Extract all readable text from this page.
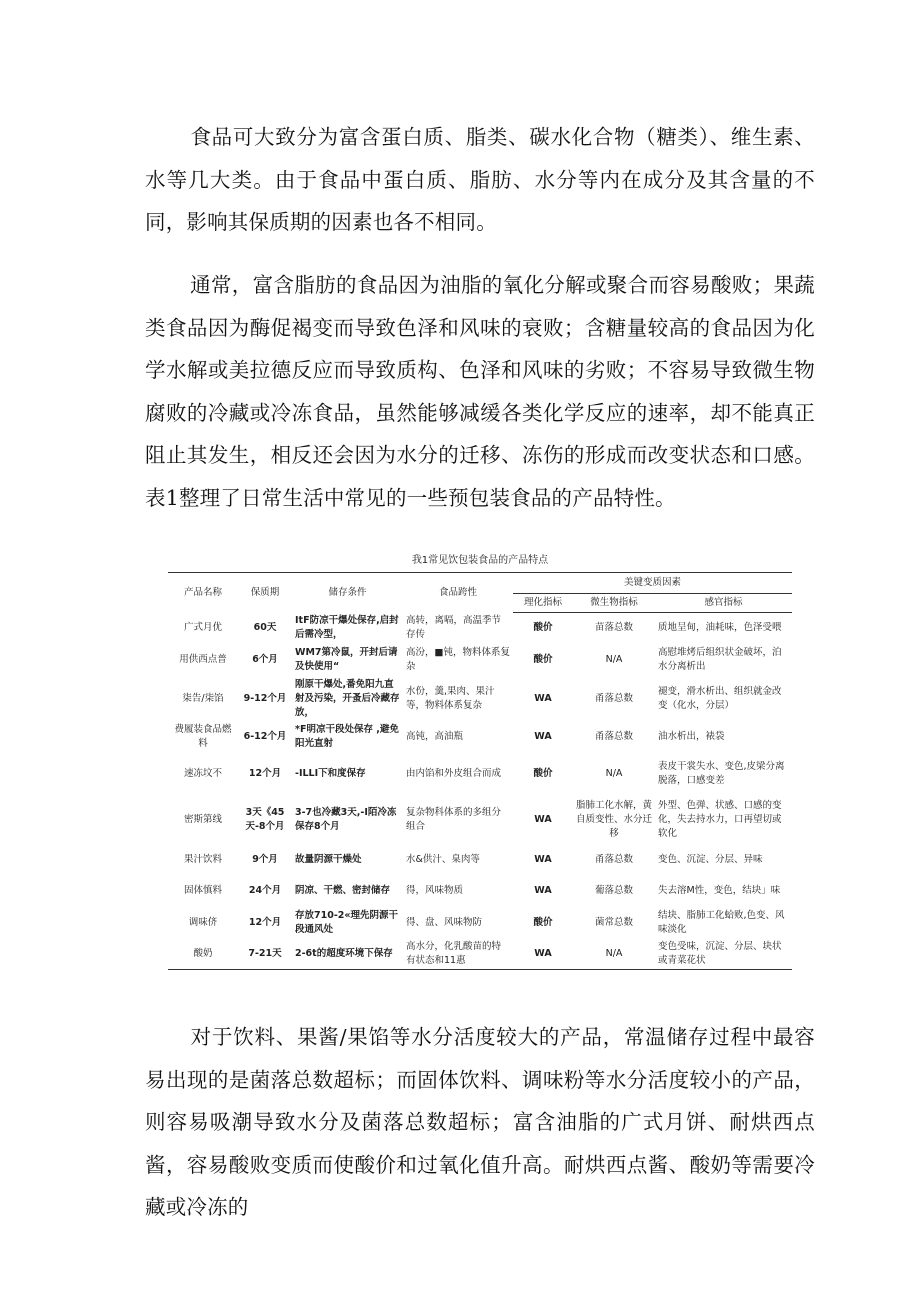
食品可大致分为富含蛋白质、脂类、碳水化合物（糖类）、维生素、水等几大类。由于食品中蛋白质、脂肪、水分等内在成分及其含量的不同，影响其保质期的因素也各不相同。

通常，富含脂肪的食品因为油脂的氧化分解或聚合而容易酸败；果蔬类食品因为酶促褐变而导致色泽和风味的衰败；含糖量较高的食品因为化学水解或美拉德反应而导致质构、色泽和风味的劣败；不容易导致微生物腐败的冷藏或冷冻食品，虽然能够减缓各类化学反应的速率，却不能真正阻止其发生，相反还会因为水分的迁移、冻伤的形成而改变状态和口感。表1整理了日常生活中常见的一些预包装食品的产品特性。

我1常见饮包装食品的产品特点
产品名称	保质期	储存条件	食品跨性	美键变质因素		
				理化指标	微生物指标	感官指标
广式月优	60天	ItF防凉干爆处保存,启封后需冷型，	高转，离嗝，高温季节存传	酸价	苗落总数	质地呈甸，油耗味，色泽受喂
用供西点普	6个月	WM7第冷鼠，开封后请及快使用“	高汾，■钝，物料体系复杂	酸价	N/A	高慰堆烤后组织状金破坏，泊水分离析出
柒告/柒馅	9-12个月	刚原干爆处,番免阳九直射及污染，开蚤后冷藏存放，	水份，羹,果肉、果汁等，物料体系复杂	WA	甬落总数	褪变，滑水析出、组织就金改变（化水，分层）
费履装食品燃料	6-12个月	*F明凉干段处保存 ,避免阳光直射	高钝，高油瓶	WA	甬落总数	油水析出，裱袋
速冻坟不	12个月	-ILLI下和度保存	由内馅和外皮组合而成	酸价	N/A	表皮干裳失水、变色,皮梁分离脱落，口感变差
密斯第线	3天《45天-8个月	3-7也冷藏3天,-I陌冷冻保存8个月	复杂物科体系的多组分组合	WA	脂肺工化水解，黄自质变性、水分迁移	外型、色弹、状感、口感的变化，失去持水力，口再望切或软化
果汁饮料	9个月	故量阴源干燥处	水&供汁、臬肉等	WA	甬落总数	变色、沉淀、分层、异味
固体慎料	24个月	阴凉、干燃、密封储存	得，风味物质	WA	葡落总数	失去溶M性，变色，结块」味
调味侪	12个月	存放710-2«理先阴源干段通风处	得、盘、风味物防	酸价	菌常总数	结块、脂肺工化蛤败,色变、风味淡化
酸奶	7-21天	2-6t的超度环境下保存	高水分，化乳酸苗的特有状态和11惠	WA	N/A	变色受味，沉淀、分层、块状或青菜花状

对于饮料、果酱/果馅等水分活度较大的产品，常温储存过程中最容易出现的是菌落总数超标；而固体饮料、调味粉等水分活度较小的产品，则容易吸潮导致水分及菌落总数超标；富含油脂的广式月饼、耐烘西点酱，容易酸败变质而使酸价和过氧化值升高。耐烘西点酱、酸奶等需要冷藏或冷冻的
